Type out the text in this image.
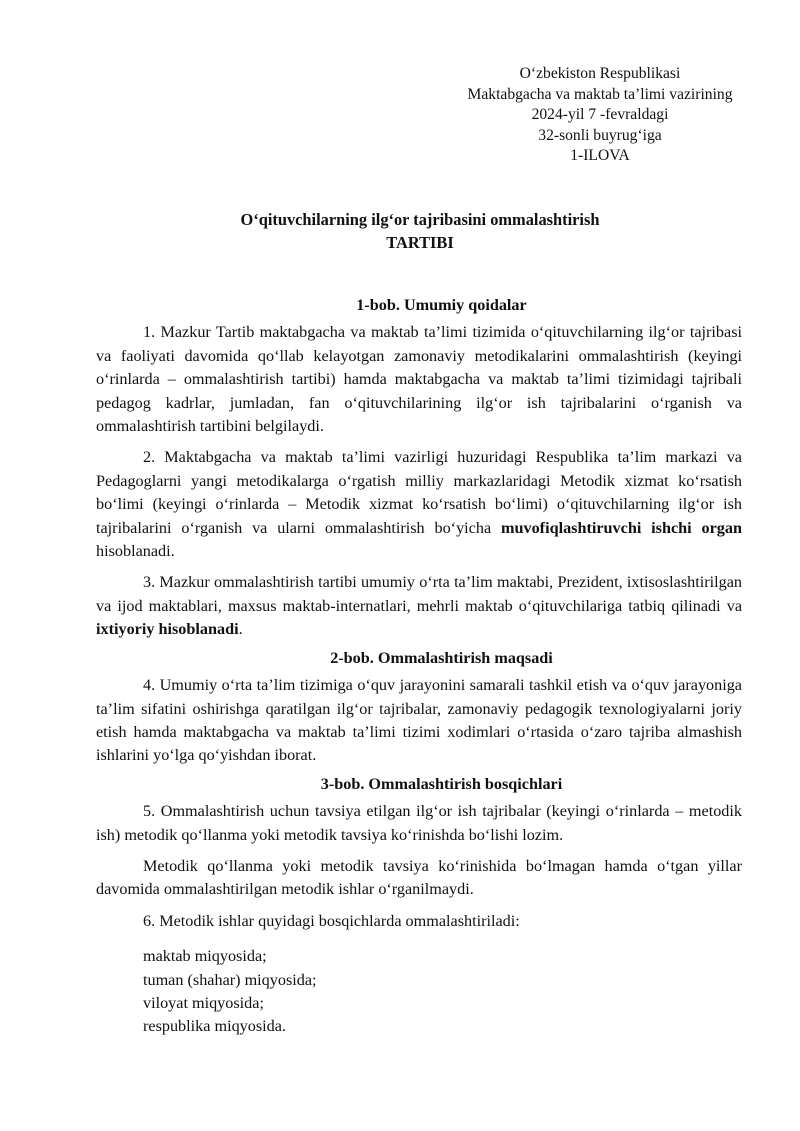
O‘zbekiston Respublikasi
Maktabgacha va maktab ta’limi vazirining
2024-yil 7 -fevraldagi
32-sonli buyrug‘iga
1-ILOVA
O‘qituvchilarning ilg‘or tajribasini ommalashtirish
TARTIBI
1-bob. Umumiy qoidalar

1. Mazkur Tartib maktabgacha va maktab ta’limi tizimida o‘qituvchilarning ilg‘or tajribasi va faoliyati davomida qo‘llab kelayotgan zamonaviy metodikalarini ommalashtirish (keyingi o‘rinlarda – ommalashtirish tartibi) hamda maktabgacha va maktab ta’limi tizimidagi tajribali pedagog kadrlar, jumladan, fan o‘qituvchilarining ilg‘or ish tajribalarini o‘rganish va ommalashtirish tartibini belgilaydi.

2. Maktabgacha va maktab ta’limi vazirligi huzuridagi Respublika ta’lim markazi va Pedagoglarni yangi metodikalarga o‘rgatish milliy markazlaridagi Metodik xizmat ko‘rsatish bo‘limi (keyingi o‘rinlarda – Metodik xizmat ko‘rsatish bo‘limi) o‘qituvchilarning ilg‘or ish tajribalarini o‘rganish va ularni ommalashtirish bo‘yicha muvofiqlashtiruvchi ishchi organ hisoblanadi.

3. Mazkur ommalashtirish tartibi umumiy o‘rta ta’lim maktabi, Prezident, ixtisoslashtirilgan va ijod maktablari, maxsus maktab-internatlari, mehrli maktab o‘qituvchilariga tatbiq qilinadi va ixtiyoriy hisoblanadi.

2-bob. Ommalashtirish maqsadi

4. Umumiy o‘rta ta’lim tizimiga o‘quv jarayonini samarali tashkil etish va o‘quv jarayoniga ta’lim sifatini oshirishga qaratilgan ilg‘or tajribalar, zamonaviy pedagogik texnologiyalarni joriy etish hamda maktabgacha va maktab ta’limi tizimi xodimlari o‘rtasida o‘zaro tajriba almashish ishlarini yo‘lga qo‘yishdan iborat.

3-bob. Ommalashtirish bosqichlari

5. Ommalashtirish uchun tavsiya etilgan ilg‘or ish tajribalar (keyingi o‘rinlarda – metodik ish) metodik qo‘llanma yoki metodik tavsiya ko‘rinishda bo‘lishi lozim.

Metodik qo‘llanma yoki metodik tavsiya ko‘rinishida bo‘lmagan hamda o‘tgan yillar davomida ommalashtirilgan metodik ishlar o‘rganilmaydi.

6. Metodik ishlar quyidagi bosqichlarda ommalashtiriladi:

maktab miqyosida;
tuman (shahar) miqyosida;
viloyat miqyosida;
respublika miqyosida.
